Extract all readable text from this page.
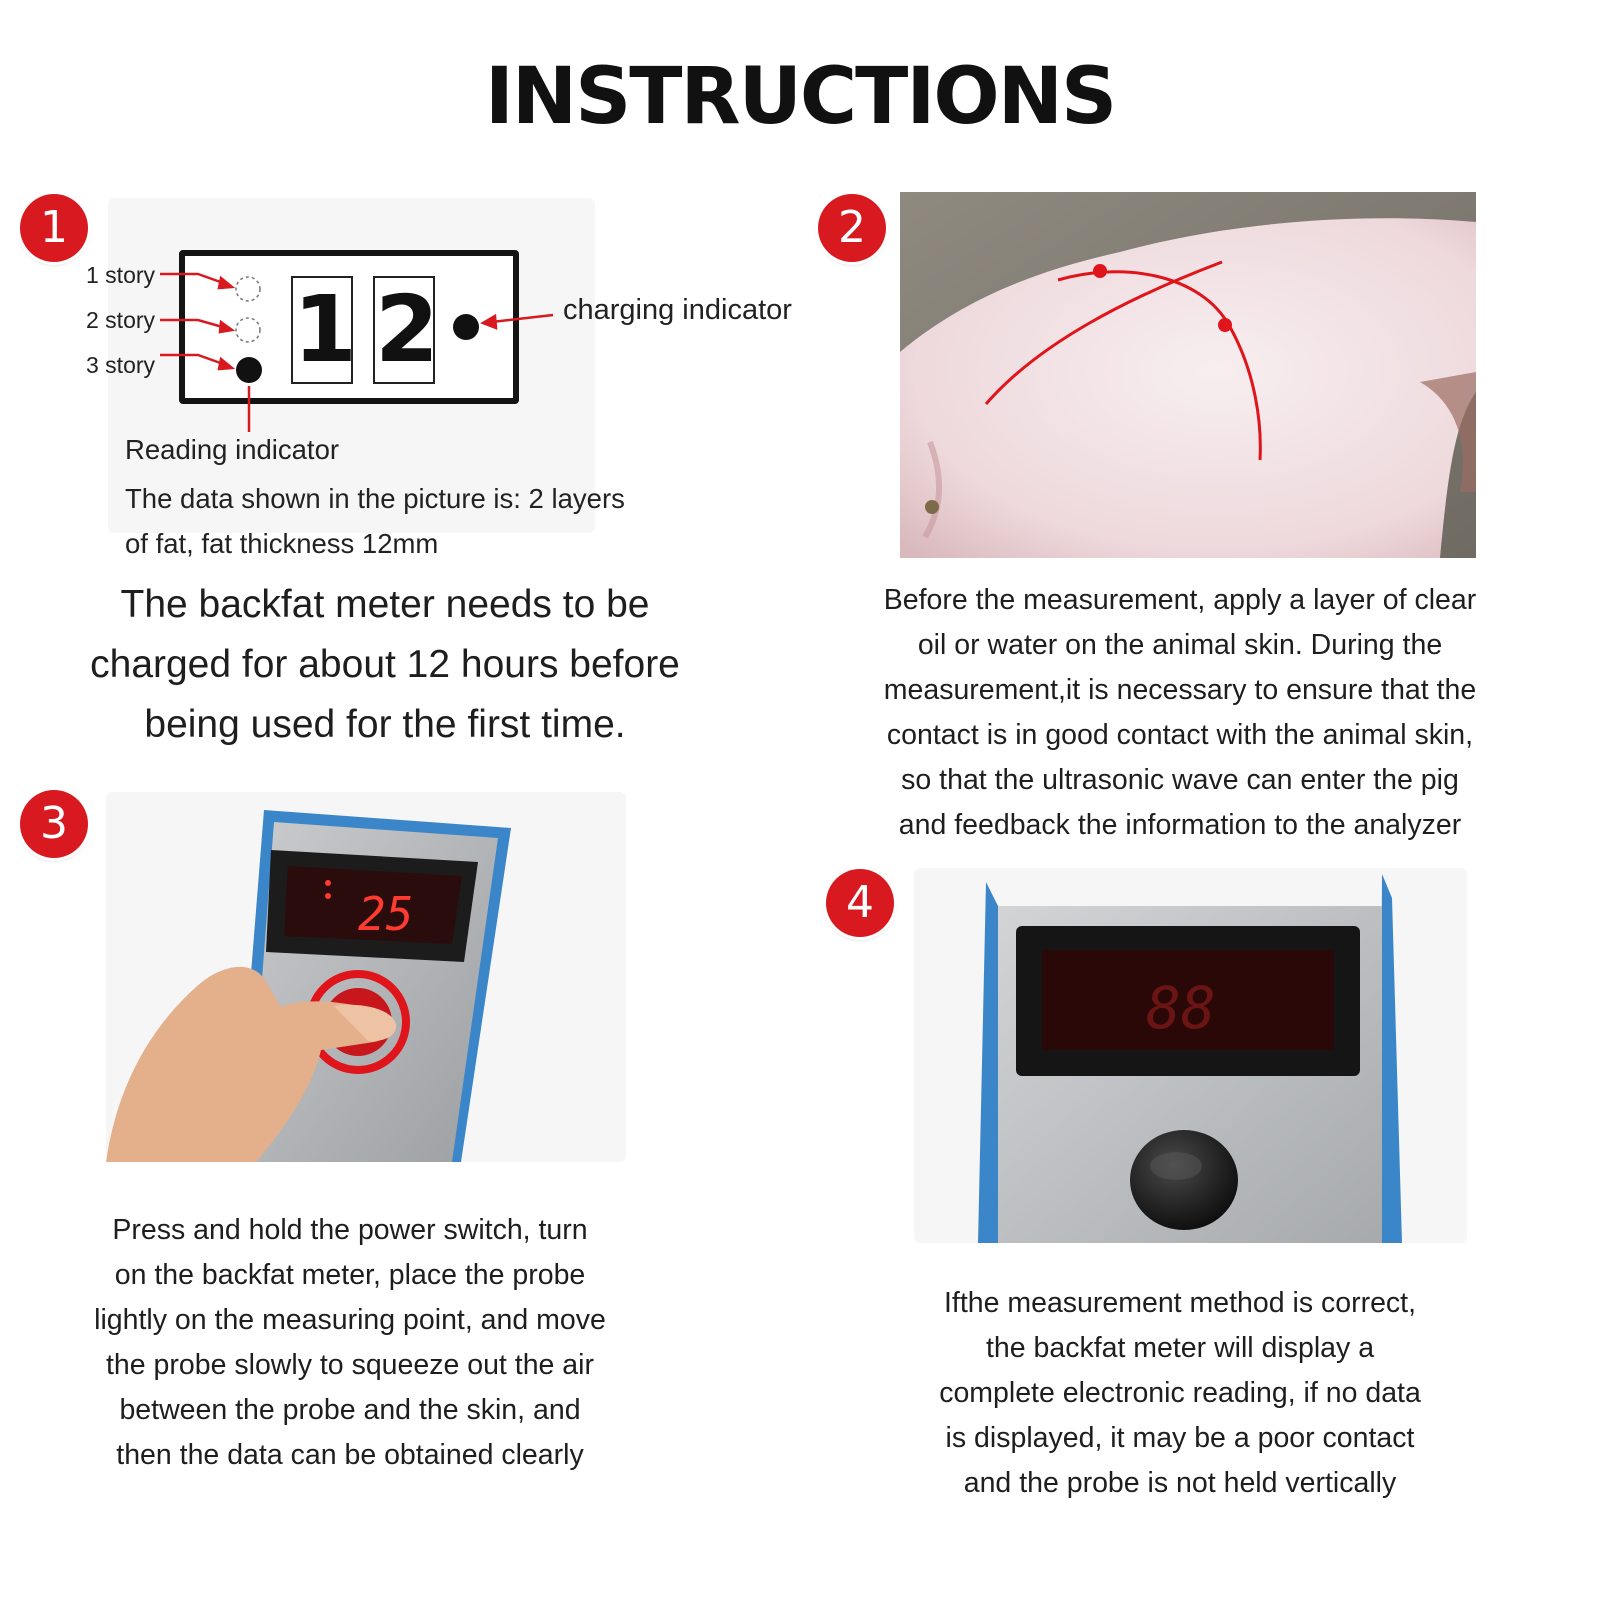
INSTRUCTIONS
1
1 2
1 story
2 story
3 story
charging indicator
Reading indicator
The data shown in the picture is: 2 layers
of fat, fat thickness 12mm
The backfat meter needs to be
charged for about 12 hours before
being used for the first time.
2
Before the measurement, apply a layer of clear
oil or water on the animal skin. During the
measurement,it is necessary to ensure that the
contact is in good contact with the animal skin,
so that the ultrasonic wave can enter the pig
and feedback the information to the analyzer
3
25
Press and hold the power switch, turn
on the backfat meter, place the probe
lightly on the measuring point, and move
the probe slowly to squeeze out the air
between the probe and the skin, and
then the data can be obtained clearly
4
88
Ifthe measurement method is correct,
the backfat meter will display a
complete electronic reading, if no data
is displayed, it may be a poor contact
and the probe is not held vertically
